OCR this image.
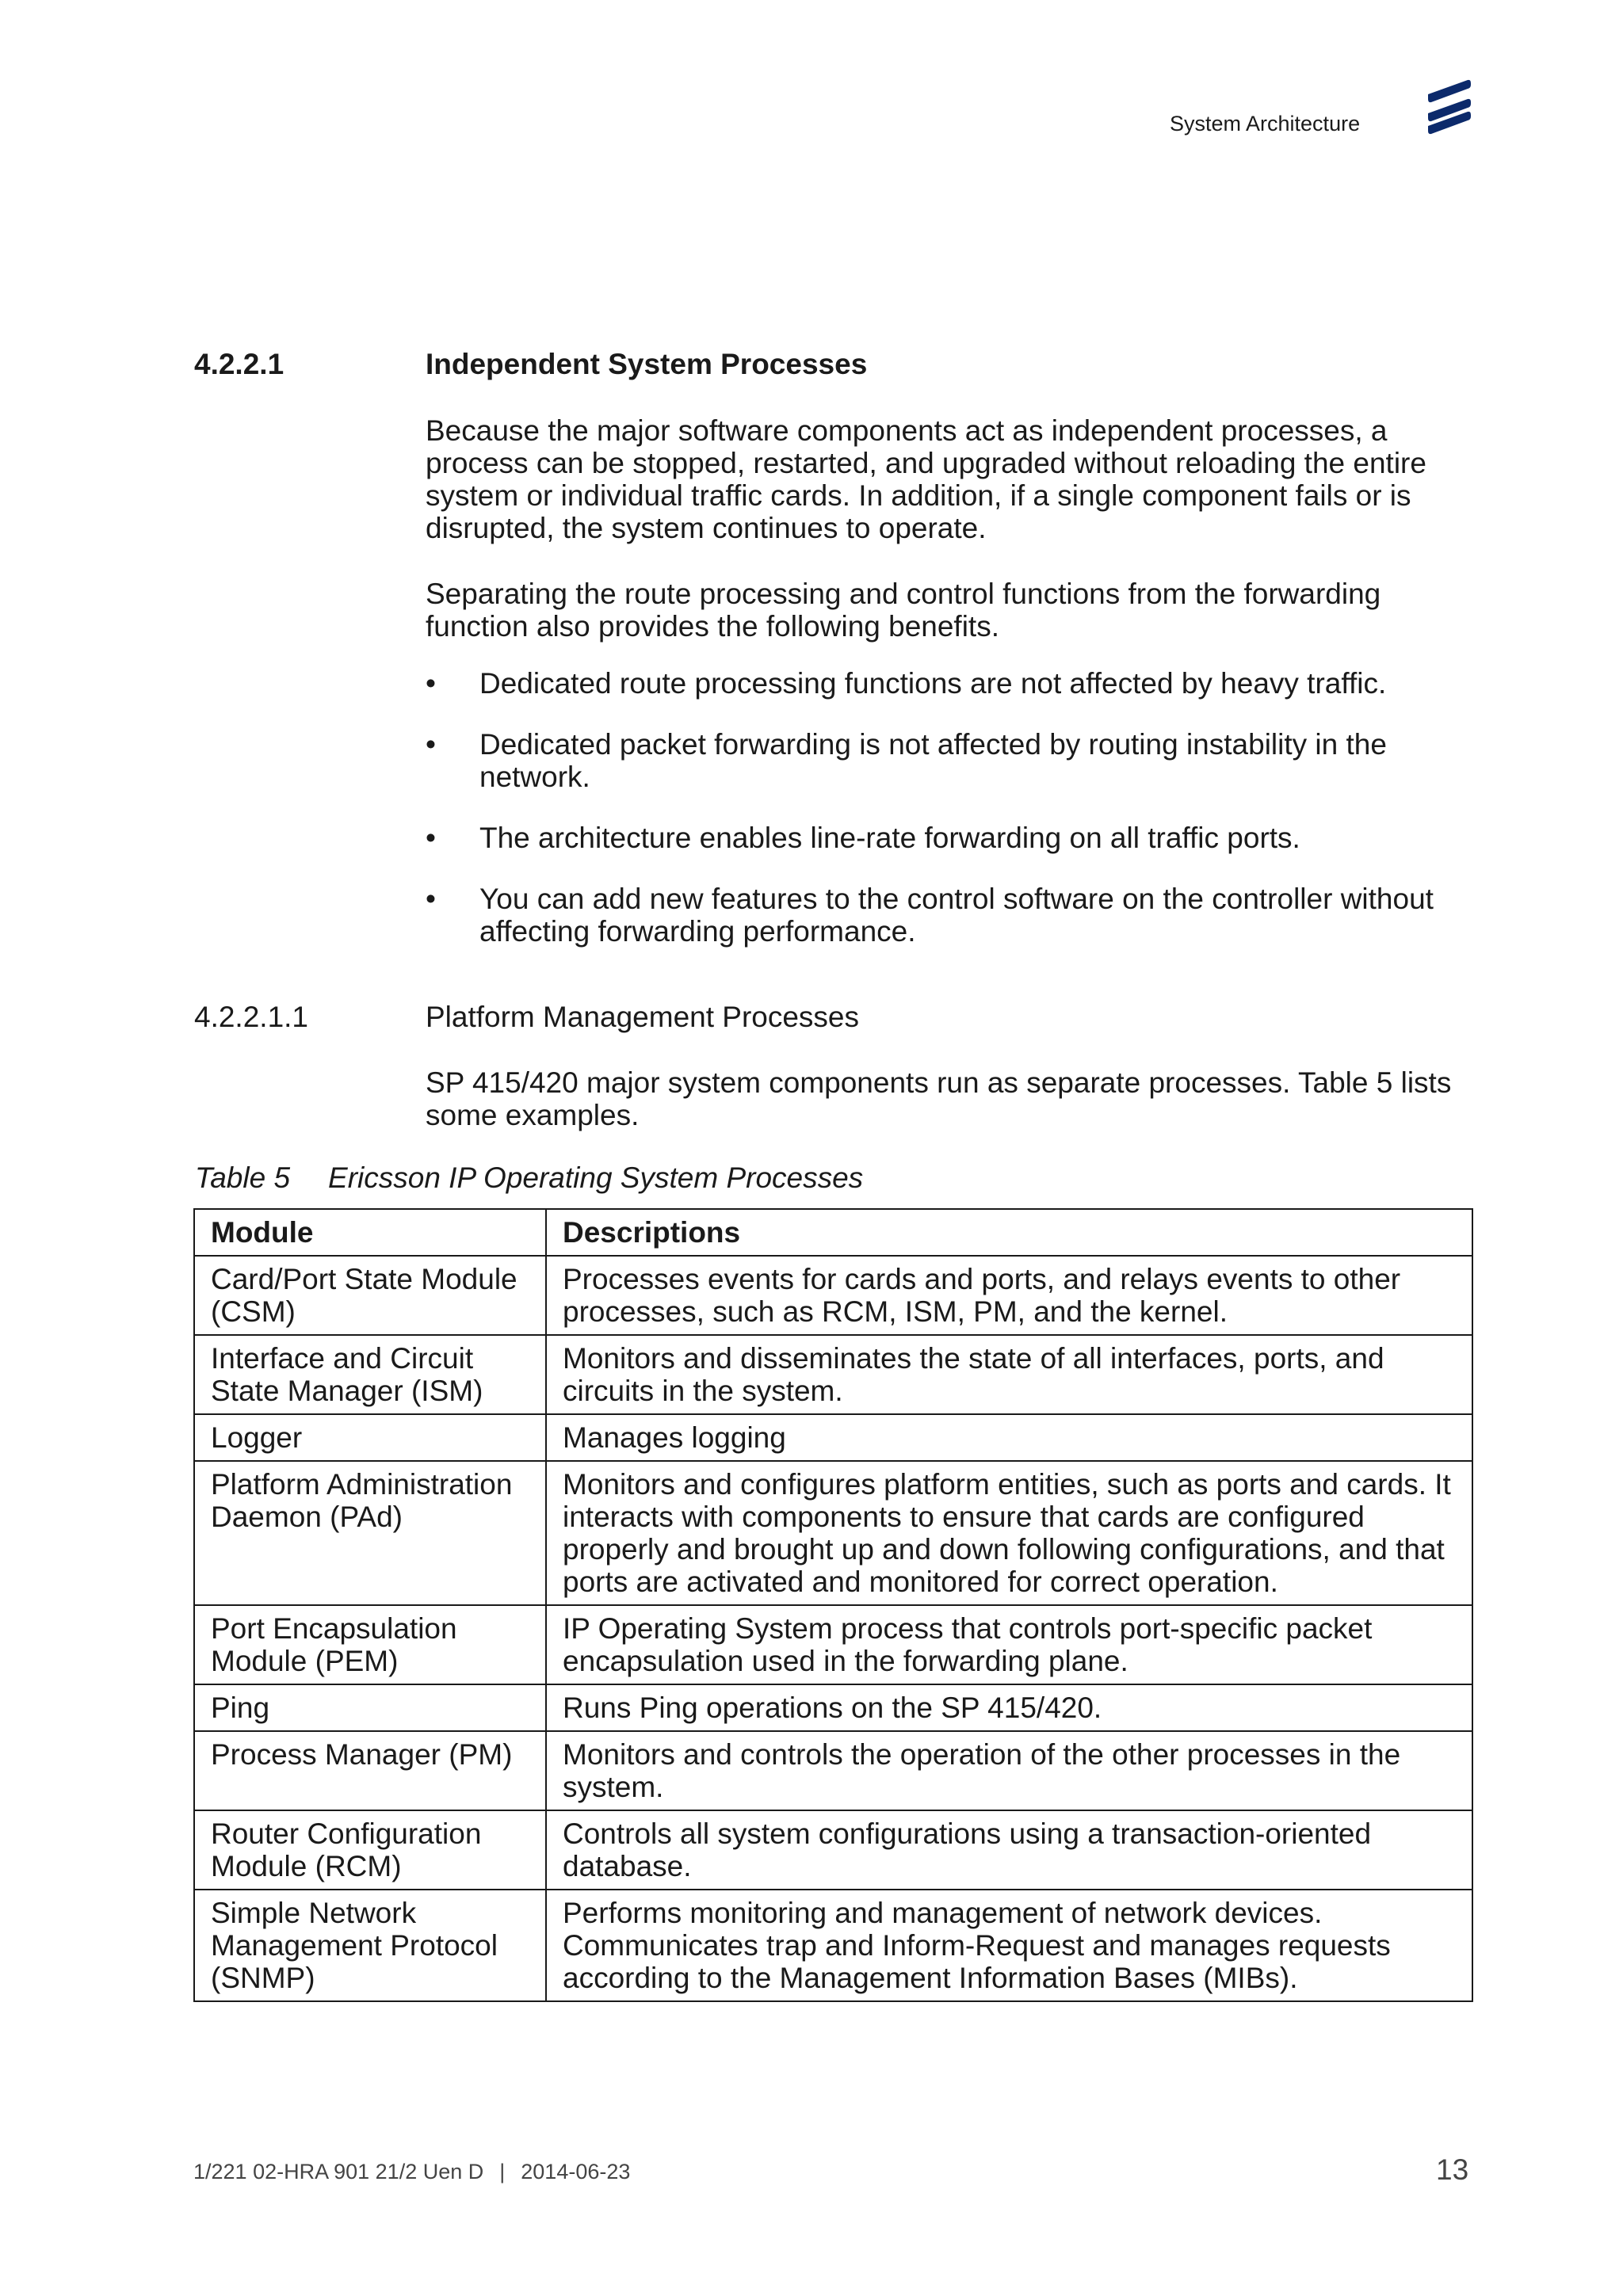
System Architecture
4.2.2.1	Independent System Processes

Because the major software components act as independent processes, a process can be stopped, restarted, and upgraded without reloading the entire system or individual traffic cards. In addition, if a single component fails or is disrupted, the system continues to operate.

Separating the route processing and control functions from the forwarding function also provides the following benefits.

• Dedicated route processing functions are not affected by heavy traffic.
• Dedicated packet forwarding is not affected by routing instability in the network.
• The architecture enables line-rate forwarding on all traffic ports.
• You can add new features to the control software on the controller without affecting forwarding performance.
4.2.2.1.1	Platform Management Processes

SP 415/420 major system components run as separate processes. Table 5 lists some examples.

Table 5 Ericsson IP Operating System Processes
Module	Descriptions
Card/Port State Module (CSM)	Processes events for cards and ports, and relays events to other processes, such as RCM, ISM, PM, and the kernel.
Interface and Circuit State Manager (ISM)	Monitors and disseminates the state of all interfaces, ports, and circuits in the system.
Logger	Manages logging
Platform Administration Daemon (PAd)	Monitors and configures platform entities, such as ports and cards. It interacts with components to ensure that cards are configured properly and brought up and down following configurations, and that ports are activated and monitored for correct operation.
Port Encapsulation Module (PEM)	IP Operating System process that controls port-specific packet encapsulation used in the forwarding plane.
Ping	Runs Ping operations on the SP 415/420.
Process Manager (PM)	Monitors and controls the operation of the other processes in the system.
Router Configuration Module (RCM)	Controls all system configurations using a transaction-oriented database.
Simple Network Management Protocol (SNMP)	Performs monitoring and management of network devices. Communicates trap and Inform-Request and manages requests according to the Management Information Bases (MIBs).
1/221 02-HRA 901 21/2 Uen D | 2014-06-23	13
